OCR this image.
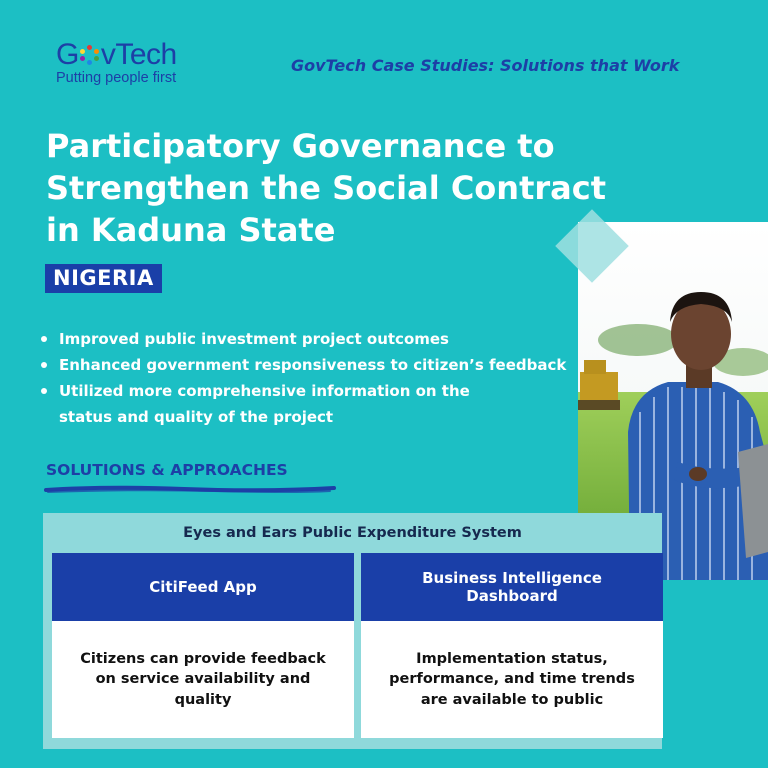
G vTech
Putting people first
GovTech Case Studies: Solutions that Work
Participatory Governance to
Strengthen the Social Contract
in Kaduna State
NIGERIA
Improved public investment project outcomes
Enhanced government responsiveness to citizen’s feedback
Utilized more comprehensive information on the status and quality of the project
SOLUTIONS & APPROACHES
Eyes and Ears Public Expenditure System
CitiFeed App
Citizens can provide feedback on service availability and quality
Business Intelligence Dashboard
Implementation status, performance, and time trends are available to public
